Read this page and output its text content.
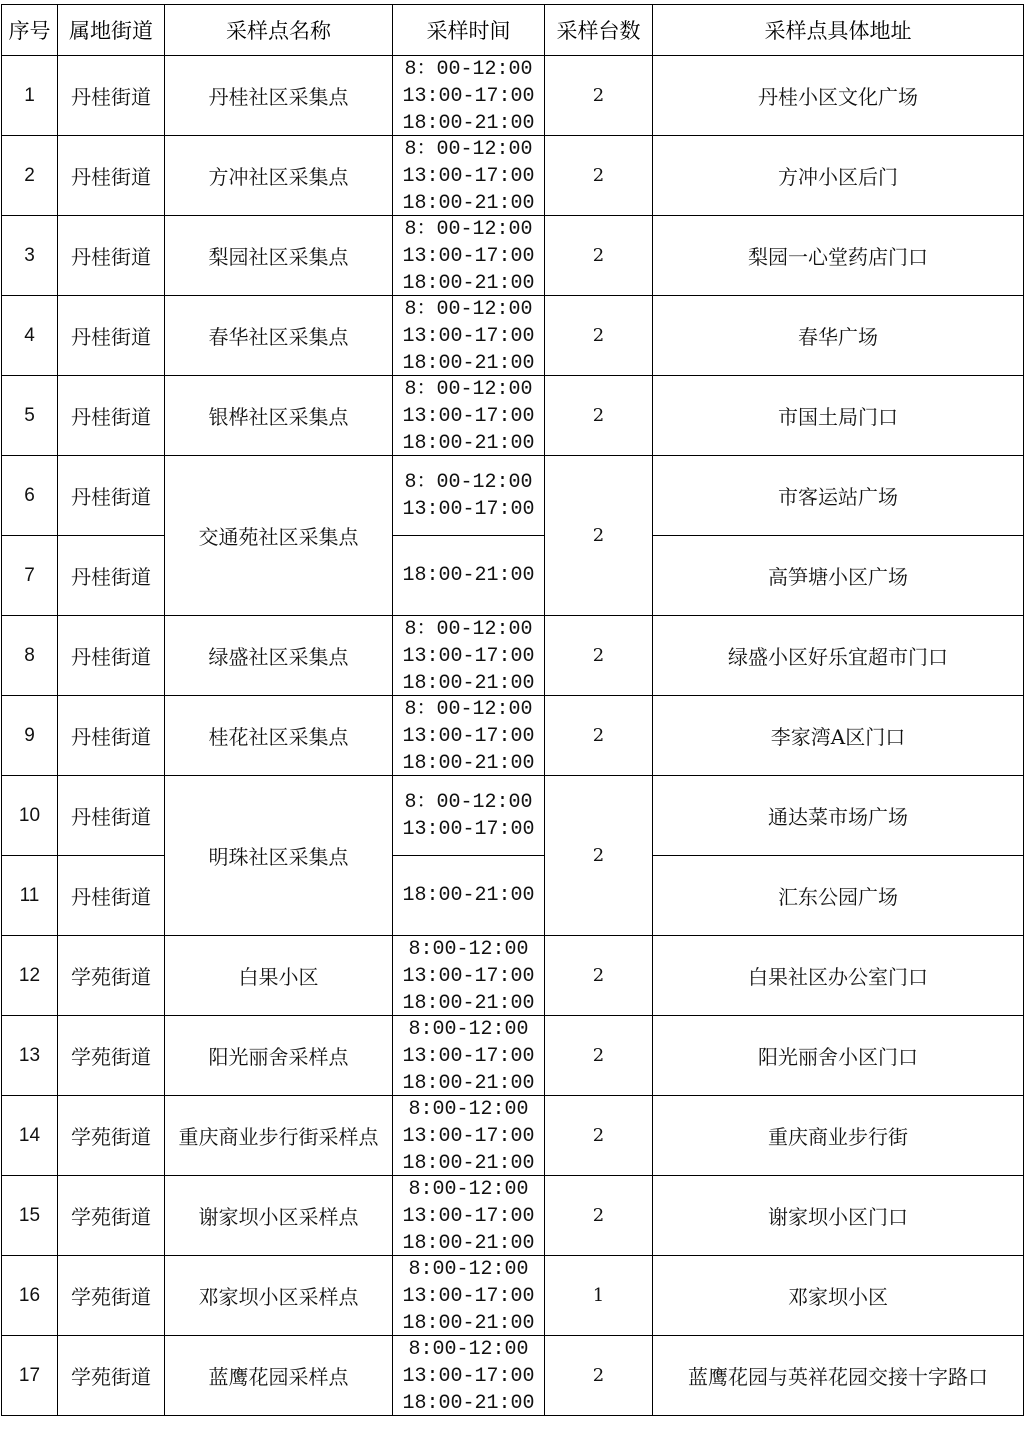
序号	属地街道	采样点名称	采样时间	采样台数	采样点具体地址
1	丹桂街道	丹桂社区采集点	8：00-12:00
13:00-17:00
18:00-21:00	2	丹桂小区文化广场
2	丹桂街道	方冲社区采集点	8：00-12:00
13:00-17:00
18:00-21:00	2	方冲小区后门
3	丹桂街道	梨园社区采集点	8：00-12:00
13:00-17:00
18:00-21:00	2	梨园一心堂药店门口
4	丹桂街道	春华社区采集点	8：00-12:00
13:00-17:00
18:00-21:00	2	春华广场
5	丹桂街道	银桦社区采集点	8：00-12:00
13:00-17:00
18:00-21:00	2	市国土局门口
6	丹桂街道	交通苑社区采集点	8：00-12:00
13:00-17:00	2	市客运站广场
7	丹桂街道		18:00-21:00		高笋塘小区广场
8	丹桂街道	绿盛社区采集点	8：00-12:00
13:00-17:00
18:00-21:00	2	绿盛小区好乐宜超市门口
9	丹桂街道	桂花社区采集点	8：00-12:00
13:00-17:00
18:00-21:00	2	李家湾A区门口
10	丹桂街道	明珠社区采集点	8：00-12:00
13:00-17:00	2	通达菜市场广场
11	丹桂街道		18:00-21:00		汇东公园广场
12	学苑街道	白果小区	8:00-12:00
13:00-17:00
18:00-21:00	2	白果社区办公室门口
13	学苑街道	阳光丽舍采样点	8:00-12:00
13:00-17:00
18:00-21:00	2	阳光丽舍小区门口
14	学苑街道	重庆商业步行街采样点	8:00-12:00
13:00-17:00
18:00-21:00	2	重庆商业步行街
15	学苑街道	谢家坝小区采样点	8:00-12:00
13:00-17:00
18:00-21:00	2	谢家坝小区门口
16	学苑街道	邓家坝小区采样点	8:00-12:00
13:00-17:00
18:00-21:00	1	邓家坝小区
17	学苑街道	蓝鹰花园采样点	8:00-12:00
13:00-17:00
18:00-21:00	2	蓝鹰花园与英祥花园交接十字路口
